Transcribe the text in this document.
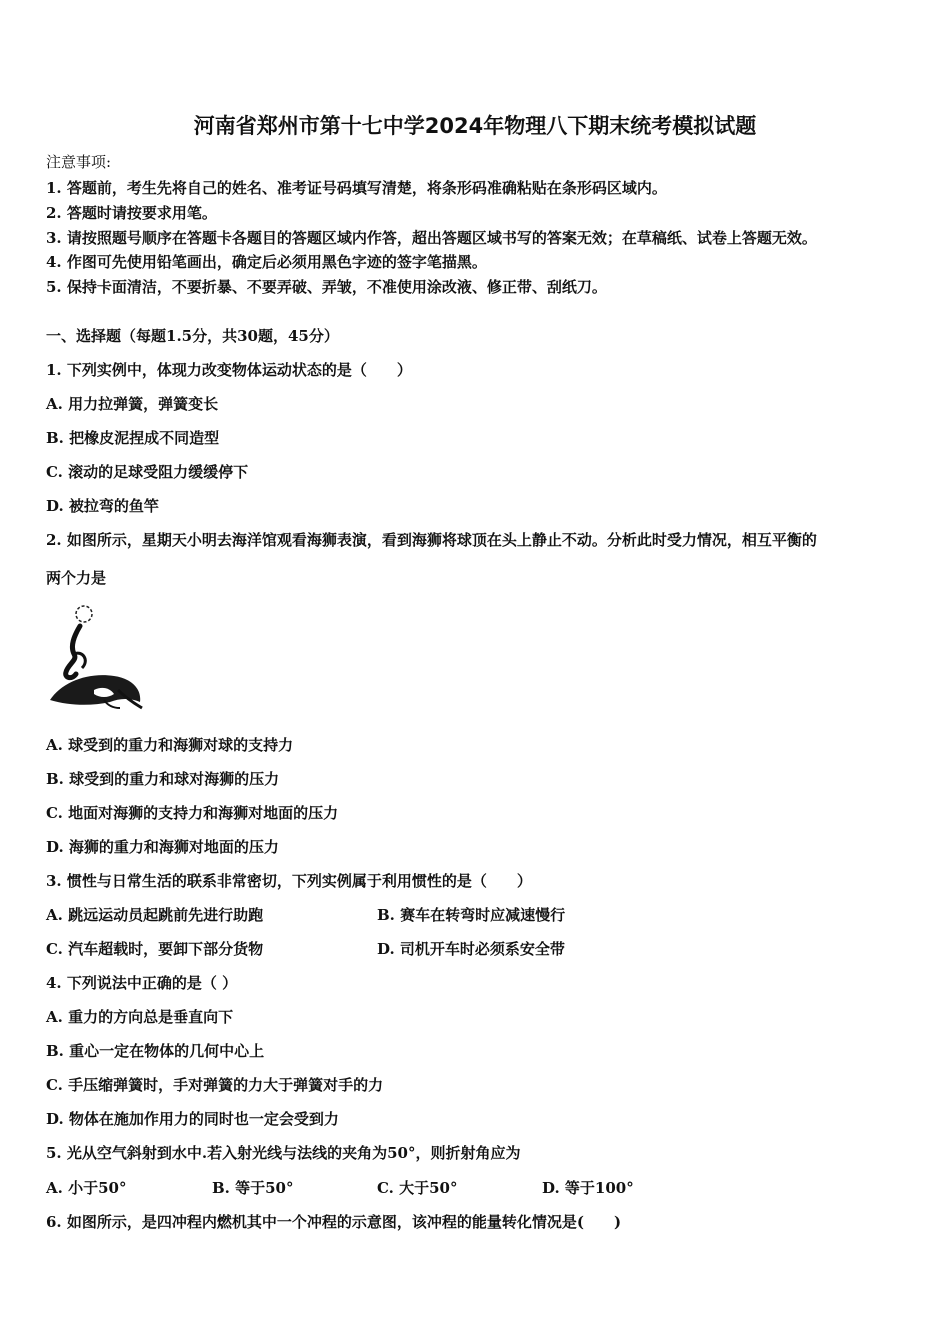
河南省郑州市第十七中学2024年物理八下期末统考模拟试题
注意事项:
1. 答题前，考生先将自己的姓名、准考证号码填写清楚，将条形码准确粘贴在条形码区域内。
2. 答题时请按要求用笔。
3. 请按照题号顺序在答题卡各题目的答题区域内作答，超出答题区域书写的答案无效；在草稿纸、试卷上答题无效。
4. 作图可先使用铅笔画出，确定后必须用黑色字迹的签字笔描黑。
5. 保持卡面清洁，不要折暴、不要弄破、弄皱，不准使用涂改液、修正带、刮纸刀。
一、选择题（每题1.5分，共30题，45分）
1. 下列实例中，体现力改变物体运动状态的是（　　）
A. 用力拉弹簧，弹簧变长
B. 把橡皮泥捏成不同造型
C. 滚动的足球受阻力缓缓停下
D. 被拉弯的鱼竿
2. 如图所示，星期天小明去海洋馆观看海狮表演，看到海狮将球顶在头上静止不动。分析此时受力情况，相互平衡的
两个力是
A. 球受到的重力和海狮对球的支持力
B. 球受到的重力和球对海狮的压力
C. 地面对海狮的支持力和海狮对地面的压力
D. 海狮的重力和海狮对地面的压力
3. 惯性与日常生活的联系非常密切，下列实例属于利用惯性的是（　　）
A. 跳远运动员起跳前先进行助跑	B. 赛车在转弯时应减速慢行
C. 汽车超载时，要卸下部分货物	D. 司机开车时必须系安全带
4. 下列说法中正确的是（ ）
A. 重力的方向总是垂直向下
B. 重心一定在物体的几何中心上
C. 手压缩弹簧时，手对弹簧的力大于弹簧对手的力
D. 物体在施加作用力的同时也一定会受到力
5. 光从空气斜射到水中.若入射光线与法线的夹角为50°，则折射角应为
A. 小于50°	B. 等于50°	C. 大于50°	D. 等于100°
6. 如图所示，是四冲程内燃机其中一个冲程的示意图，该冲程的能量转化情况是(　　)
